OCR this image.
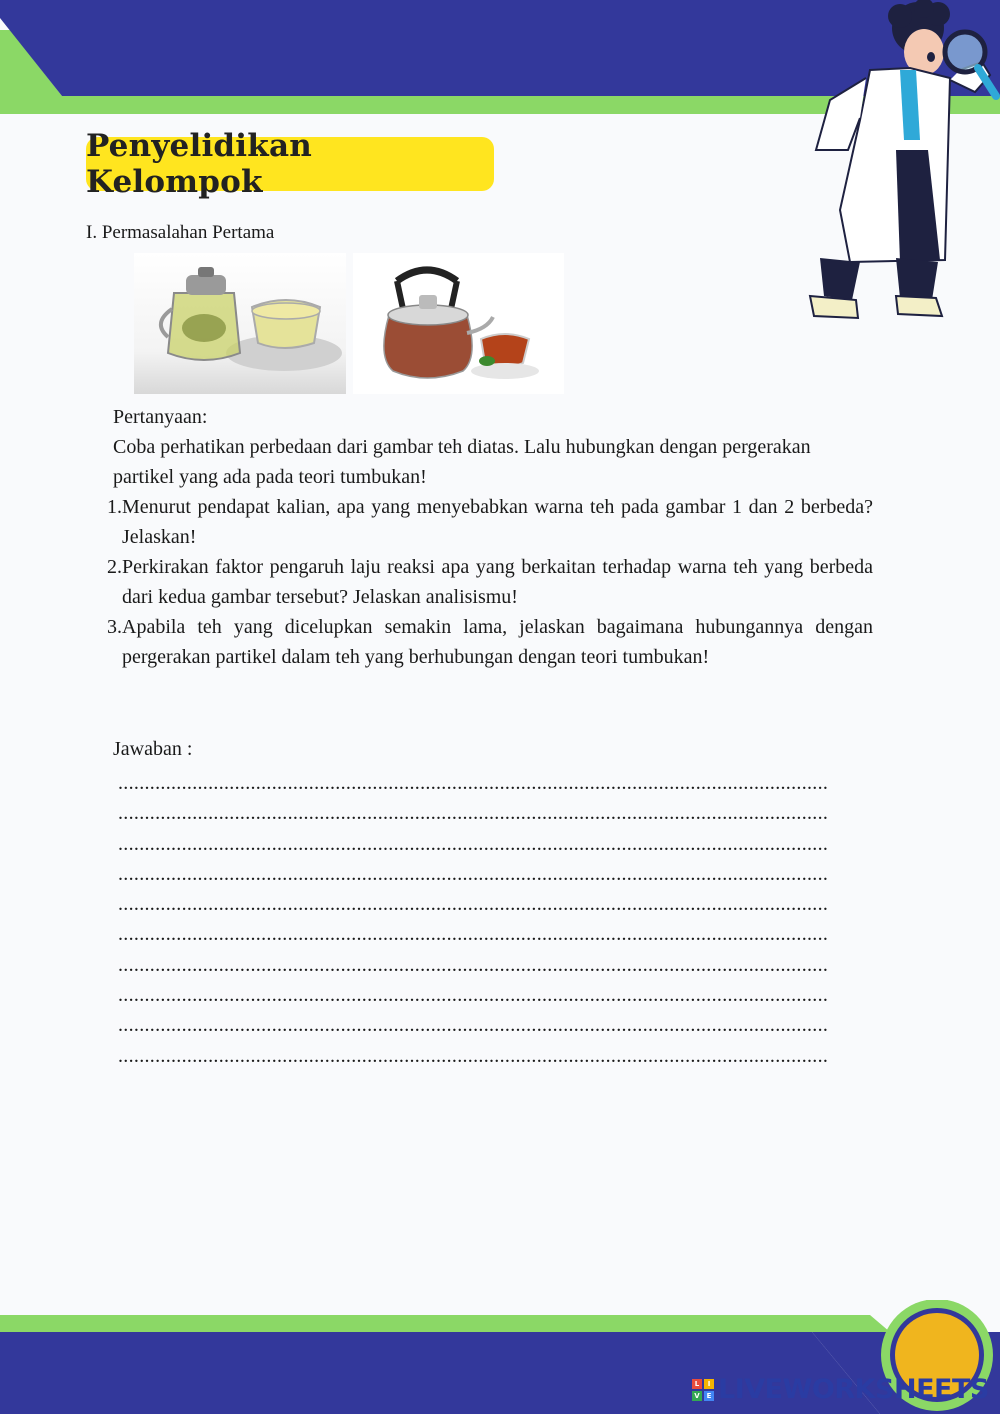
Penyelidikan Kelompok
I. Permasalahan Pertama
Pertanyaan:
Coba perhatikan perbedaan dari gambar teh diatas. Lalu hubungkan dengan pergerakan partikel yang ada pada teori tumbukan!
1. Menurut pendapat kalian, apa yang menyebabkan warna teh pada gambar 1 dan 2 berbeda? Jelaskan!
2. Perkirakan faktor pengaruh laju reaksi apa yang berkaitan terhadap warna teh yang berbeda dari kedua gambar tersebut? Jelaskan analisismu!
3. Apabila teh yang dicelupkan semakin lama, jelaskan bagaimana hubungannya dengan pergerakan partikel dalam teh yang berhubungan dengan teori tumbukan!
Jawaban :
......................................................................................................................................
......................................................................................................................................
......................................................................................................................................
......................................................................................................................................
......................................................................................................................................
......................................................................................................................................
......................................................................................................................................
......................................................................................................................................
......................................................................................................................................
......................................................................................................................................
L	I
V E LIVEWORKSHEETS
